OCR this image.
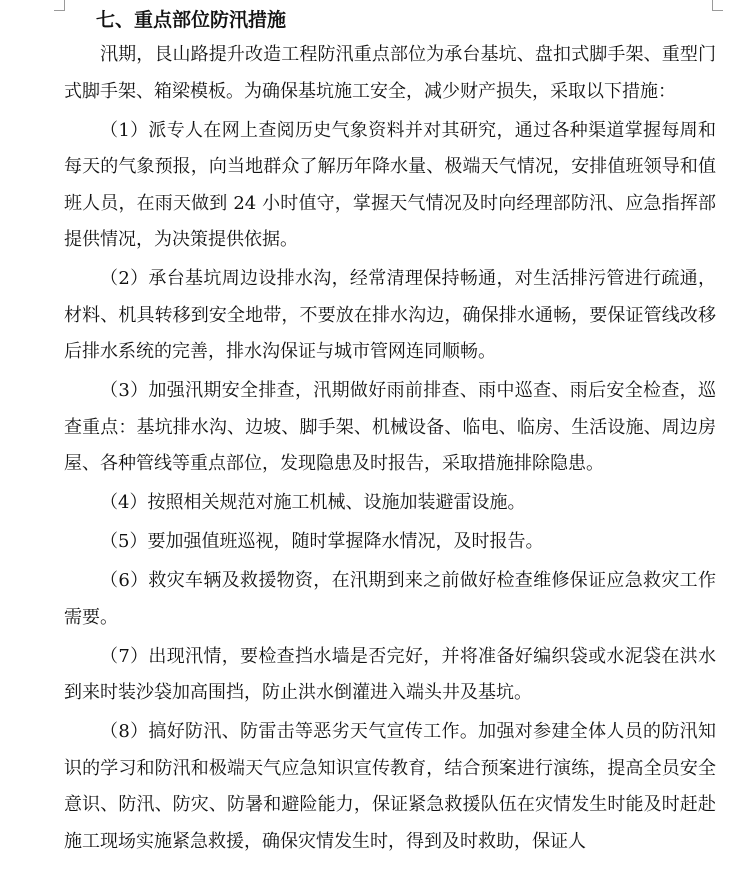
七、重点部位防汛措施

汛期，艮山路提升改造工程防汛重点部位为承台基坑、盘扣式脚手架、重型门式脚手架、箱梁模板。为确保基坑施工安全，减少财产损失，采取以下措施：

（1）派专人在网上查阅历史气象资料并对其研究，通过各种渠道掌握每周和每天的气象预报，向当地群众了解历年降水量、极端天气情况，安排值班领导和值班人员，在雨天做到 24 小时值守，掌握天气情况及时向经理部防汛、应急指挥部提供情况，为决策提供依据。

（2）承台基坑周边设排水沟，经常清理保持畅通，对生活排污管进行疏通，材料、机具转移到安全地带，不要放在排水沟边，确保排水通畅，要保证管线改移后排水系统的完善，排水沟保证与城市管网连同顺畅。

（3）加强汛期安全排查，汛期做好雨前排查、雨中巡查、雨后安全检查，巡查重点：基坑排水沟、边坡、脚手架、机械设备、临电、临房、生活设施、周边房屋、各种管线等重点部位，发现隐患及时报告，采取措施排除隐患。

（4）按照相关规范对施工机械、设施加装避雷设施。

（5）要加强值班巡视，随时掌握降水情况，及时报告。

（6）救灾车辆及救援物资，在汛期到来之前做好检查维修保证应急救灾工作需要。

（7）出现汛情，要检查挡水墙是否完好，并将准备好编织袋或水泥袋在洪水到来时装沙袋加高围挡，防止洪水倒灌进入端头井及基坑。

（8）搞好防汛、防雷击等恶劣天气宣传工作。加强对参建全体人员的防汛知识的学习和防汛和极端天气应急知识宣传教育，结合预案进行演练，提高全员安全意识、防汛、防灾、防暑和避险能力，保证紧急救援队伍在灾情发生时能及时赶赴施工现场实施紧急救援，确保灾情发生时，得到及时救助，保证人
